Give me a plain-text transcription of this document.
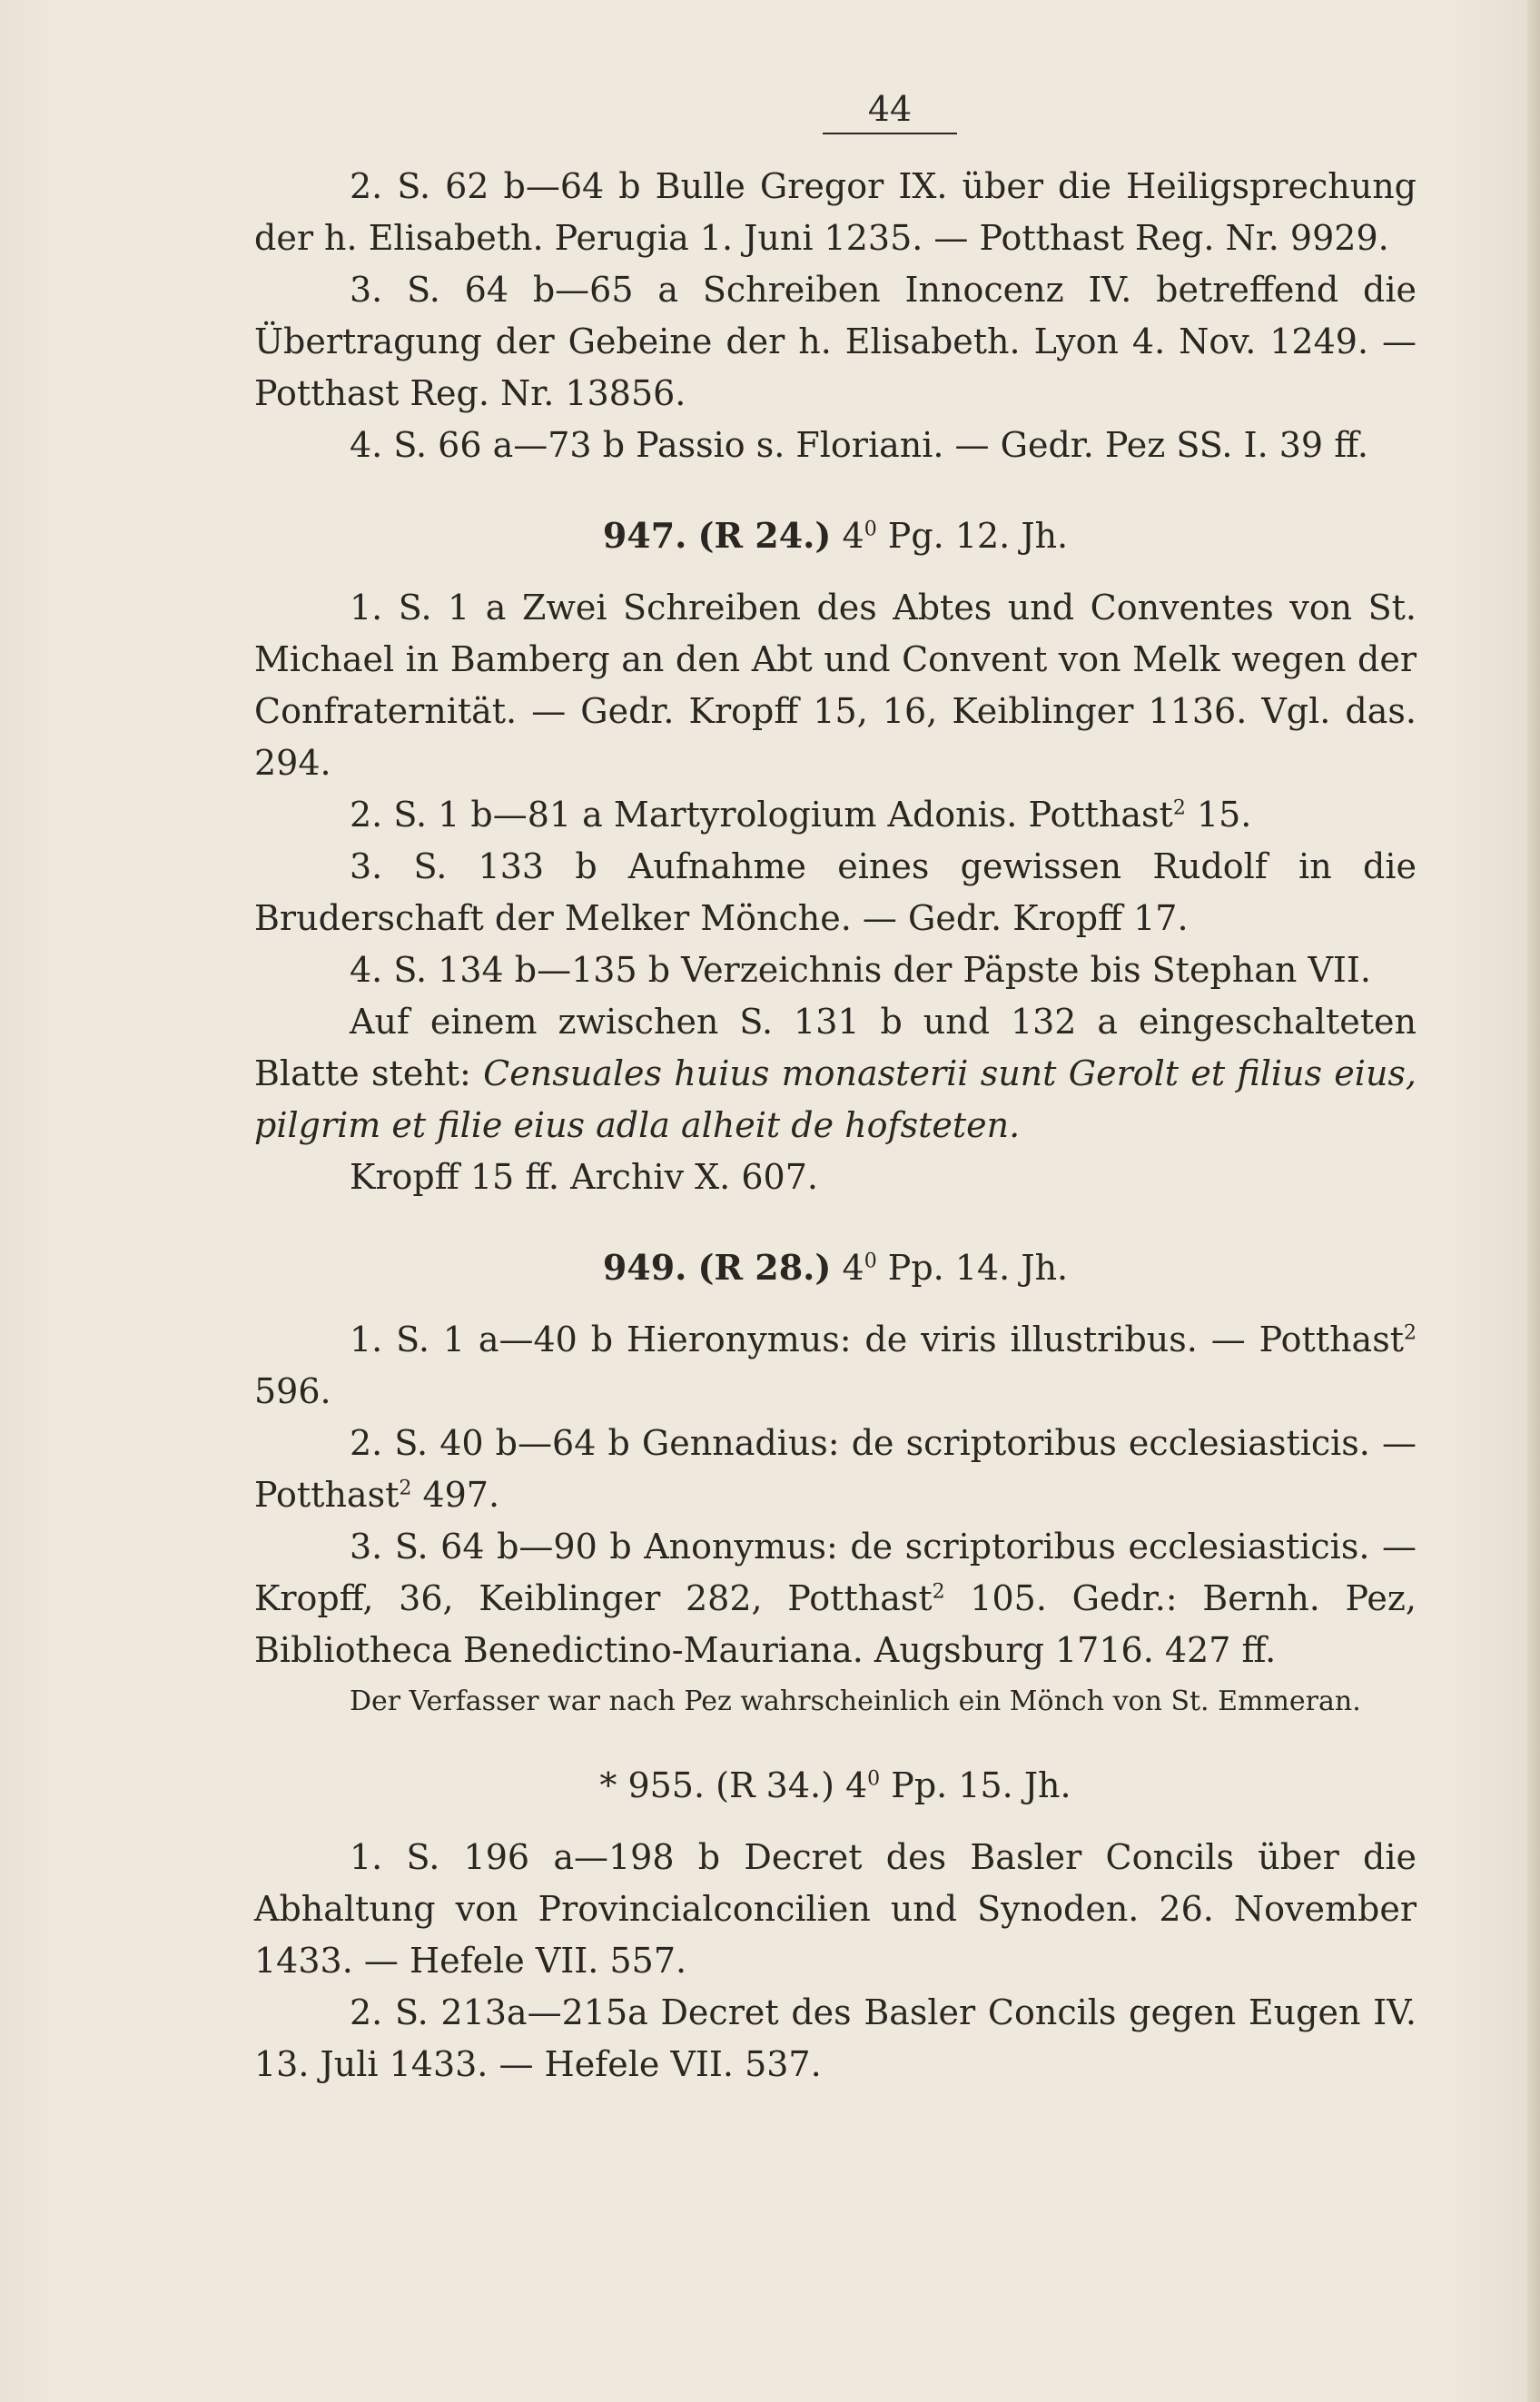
44

2. S. 62 b—64 b Bulle Gregor IX. über die Heiligsprechung der h. Elisabeth. Perugia 1. Juni 1235. — Potthast Reg. Nr. 9929.

3. S. 64 b—65 a Schreiben Innocenz IV. betreffend die Übertragung der Gebeine der h. Elisabeth. Lyon 4. Nov. 1249. — Potthast Reg. Nr. 13856.

4. S. 66 a—73 b Passio s. Floriani. — Gedr. Pez SS. I. 39 ff.

947. (R 24.) $4^0$ Pg. 12. Jh.

1. S. 1 a Zwei Schreiben des Abtes und Conventes von St. Michael in Bamberg an den Abt und Convent von Melk wegen der Confraternität. — Gedr. Kropff 15, 16, Keiblinger 1136. Vgl. das. 294.

2. S. 1 b—81 a Martyrologium Adonis. Potthast$^2$ 15.

3. S. 133 b Aufnahme eines gewissen Rudolf in die Bruderschaft der Melker Mönche. — Gedr. Kropff 17.

4. S. 134 b—135 b Verzeichnis der Päpste bis Stephan VII.

Auf einem zwischen S. 131 b und 132 a eingeschalteten Blatte steht: Censuales huius monasterii sunt Gerolt et filius eius, pilgrim et filie eius adla alheit de hofsteten.

Kropff 15 ff. Archiv X. 607.

949. (R 28.) $4^0$ Pp. 14. Jh.

1. S. 1 a—40 b Hieronymus: de viris illustribus. — Potthast$^2$ 596.

2. S. 40 b—64 b Gennadius: de scriptoribus ecclesiasticis. — Potthast$^2$ 497.

3. S. 64 b—90 b Anonymus: de scriptoribus ecclesiasticis. — Kropff, 36, Keiblinger 282, Potthast$^2$ 105. Gedr.: Bernh. Pez, Bibliotheca Benedictino-Mauriana. Augsburg 1716. 427 ff.

Der Verfasser war nach Pez wahrscheinlich ein Mönch von St. Emmeran.

* 955. (R 34.) $4^0$ Pp. 15. Jh.

1. S. 196 a—198 b Decret des Basler Concils über die Abhaltung von Provincialconcilien und Synoden. 26. November 1433. — Hefele VII. 557.

2. S. 213a—215a Decret des Basler Concils gegen Eugen IV. 13. Juli 1433. — Hefele VII. 537.
